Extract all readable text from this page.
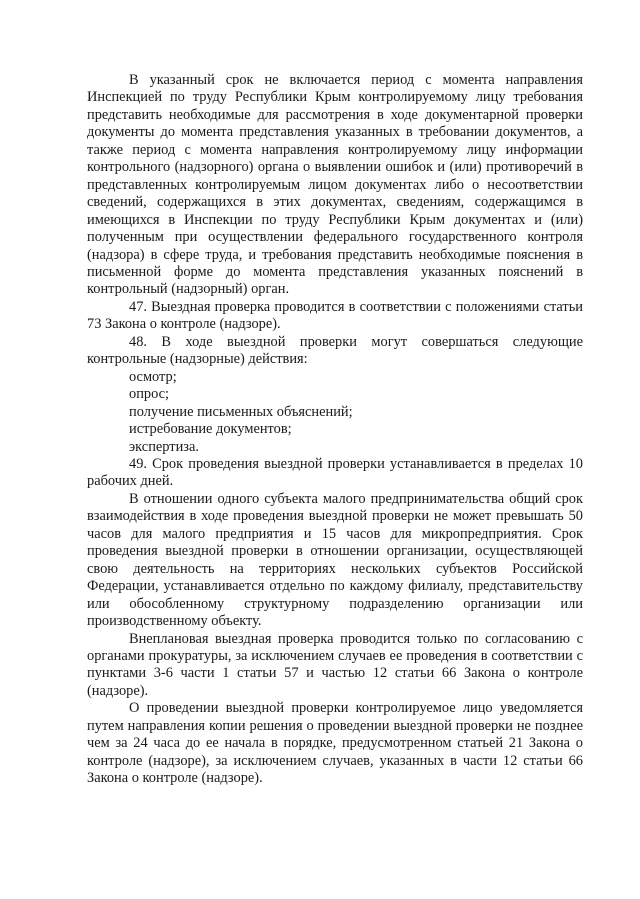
В указанный срок не включается период с момента направления Инспекцией по труду Республики Крым контролируемому лицу требования представить необходимые для рассмотрения в ходе документарной проверки документы до момента представления указанных в требовании документов, а также период с момента направления контролируемому лицу информации контрольного (надзорного) органа о выявлении ошибок и (или) противоречий в представленных контролируемым лицом документах либо о несоответствии сведений, содержащихся в этих документах, сведениям, содержащимся в имеющихся в Инспекции по труду Республики Крым документах и (или) полученным при осуществлении федерального государственного контроля (надзора) в сфере труда, и требования представить необходимые пояснения в письменной форме до момента представления указанных пояснений в контрольный (надзорный) орган.

47. Выездная проверка проводится в соответствии с положениями статьи 73 Закона о контроле (надзоре).

48. В ходе выездной проверки могут совершаться следующие контрольные (надзорные) действия:

осмотр;

опрос;

получение письменных объяснений;

истребование документов;

экспертиза.

49. Срок проведения выездной проверки устанавливается в пределах 10 рабочих дней.

В отношении одного субъекта малого предпринимательства общий срок взаимодействия в ходе проведения выездной проверки не может превышать 50 часов для малого предприятия и 15 часов для микропредприятия. Срок проведения выездной проверки в отношении организации, осуществляющей свою деятельность на территориях нескольких субъектов Российской Федерации, устанавливается отдельно по каждому филиалу, представительству или обособленному структурному подразделению организации или производственному объекту.

Внеплановая выездная проверка проводится только по согласованию с органами прокуратуры, за исключением случаев ее проведения в соответствии с пунктами 3-6 части 1 статьи 57 и частью 12 статьи 66 Закона о контроле (надзоре).

О проведении выездной проверки контролируемое лицо уведомляется путем направления копии решения о проведении выездной проверки не позднее чем за 24 часа до ее начала в порядке, предусмотренном статьей 21 Закона о контроле (надзоре), за исключением случаев, указанных в части 12 статьи 66 Закона о контроле (надзоре).
